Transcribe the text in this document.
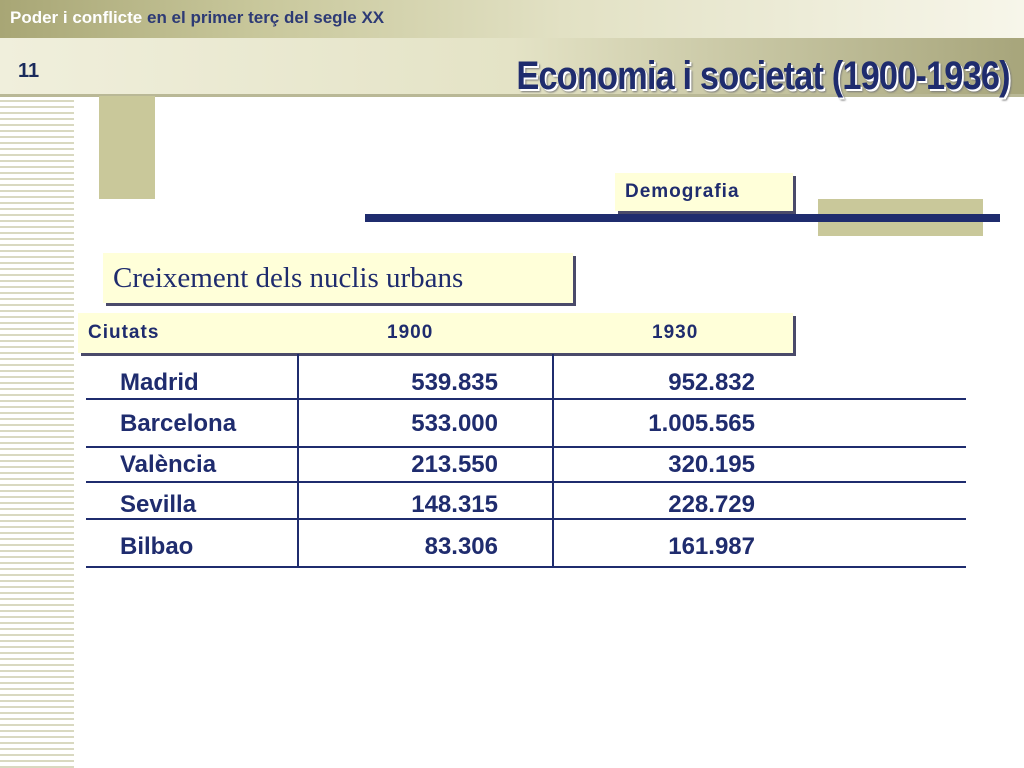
Poder i conflicte en el primer terç del segle XX
11	Economia i societat (1900-1936)
Demografia
Creixement dels nuclis urbans
Ciutats	1900	1930
Madrid	539.835	952.832
Barcelona	533.000	1.005.565
València	213.550	320.195
Sevilla	148.315	228.729
Bilbao	83.306	161.987
